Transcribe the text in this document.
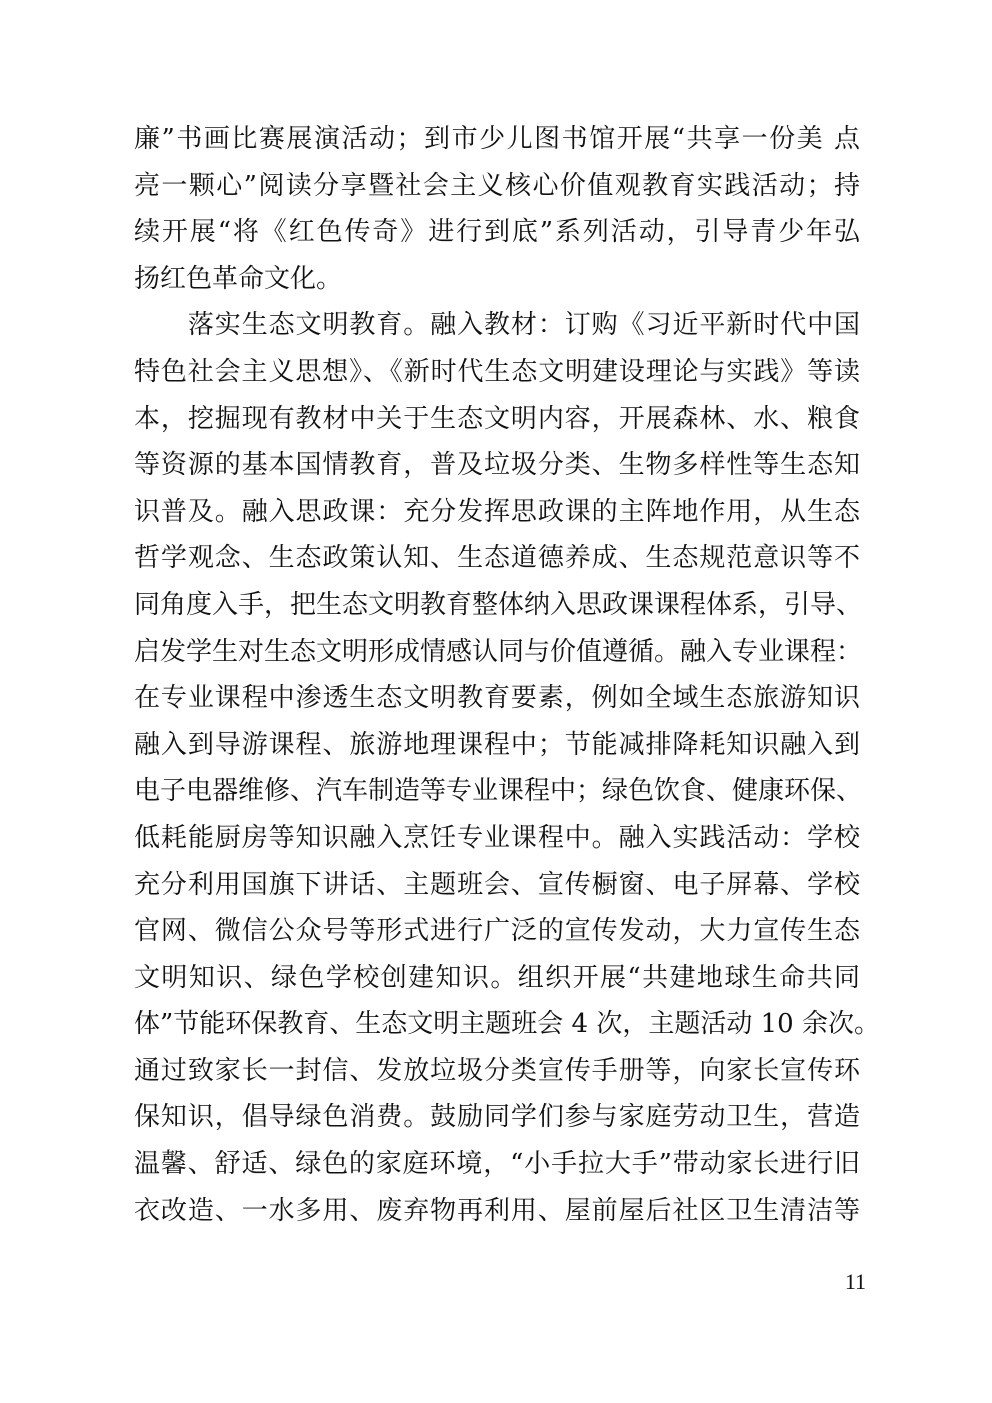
廉”书画比赛展演活动；到市少儿图书馆开展“共享一份美 点
亮一颗心”阅读分享暨社会主义核心价值观教育实践活动；持
续开展“将《红色传奇》进行到底”系列活动，引导青少年弘
扬红色革命文化。
　　落实生态文明教育。融入教材：订购《习近平新时代中国
特色社会主义思想》、《新时代生态文明建设理论与实践》等读
本，挖掘现有教材中关于生态文明内容，开展森林、水、粮食
等资源的基本国情教育，普及垃圾分类、生物多样性等生态知
识普及。融入思政课：充分发挥思政课的主阵地作用，从生态
哲学观念、生态政策认知、生态道德养成、生态规范意识等不
同角度入手，把生态文明教育整体纳入思政课课程体系，引导、
启发学生对生态文明形成情感认同与价值遵循。融入专业课程：
在专业课程中渗透生态文明教育要素，例如全域生态旅游知识
融入到导游课程、旅游地理课程中；节能减排降耗知识融入到
电子电器维修、汽车制造等专业课程中；绿色饮食、健康环保、
低耗能厨房等知识融入烹饪专业课程中。融入实践活动：学校
充分利用国旗下讲话、主题班会、宣传橱窗、电子屏幕、学校
官网、微信公众号等形式进行广泛的宣传发动，大力宣传生态
文明知识、绿色学校创建知识。组织开展“共建地球生命共同
体”节能环保教育、生态文明主题班会 4 次，主题活动 10 余次。
通过致家长一封信、发放垃圾分类宣传手册等，向家长宣传环
保知识，倡导绿色消费。鼓励同学们参与家庭劳动卫生，营造
温馨、舒适、绿色的家庭环境，“小手拉大手”带动家长进行旧
衣改造、一水多用、废弃物再利用、屋前屋后社区卫生清洁等
11
